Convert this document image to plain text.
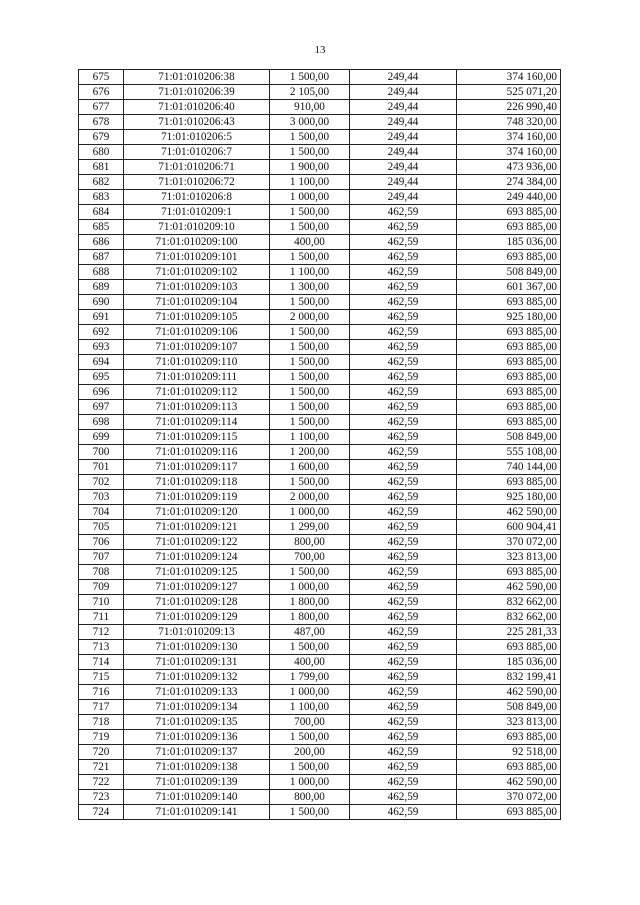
13
675	71:01:010206:38	1 500,00	249,44	374 160,00
676	71:01:010206:39	2 105,00	249,44	525 071,20
677	71:01:010206:40	910,00	249,44	226 990,40
678	71:01:010206:43	3 000,00	249,44	748 320,00
679	71:01:010206:5	1 500,00	249,44	374 160,00
680	71:01:010206:7	1 500,00	249,44	374 160,00
681	71:01:010206:71	1 900,00	249,44	473 936,00
682	71:01:010206:72	1 100,00	249,44	274 384,00
683	71:01:010206:8	1 000,00	249,44	249 440,00
684	71:01:010209:1	1 500,00	462,59	693 885,00
685	71:01:010209:10	1 500,00	462,59	693 885,00
686	71:01:010209:100	400,00	462,59	185 036,00
687	71:01:010209:101	1 500,00	462,59	693 885,00
688	71:01:010209:102	1 100,00	462,59	508 849,00
689	71:01:010209:103	1 300,00	462,59	601 367,00
690	71:01:010209:104	1 500,00	462,59	693 885,00
691	71:01:010209:105	2 000,00	462,59	925 180,00
692	71:01:010209:106	1 500,00	462,59	693 885,00
693	71:01:010209:107	1 500,00	462,59	693 885,00
694	71:01:010209:110	1 500,00	462,59	693 885,00
695	71:01:010209:111	1 500,00	462,59	693 885,00
696	71:01:010209:112	1 500,00	462,59	693 885,00
697	71:01:010209:113	1 500,00	462,59	693 885,00
698	71:01:010209:114	1 500,00	462,59	693 885,00
699	71:01:010209:115	1 100,00	462,59	508 849,00
700	71:01:010209:116	1 200,00	462,59	555 108,00
701	71:01:010209:117	1 600,00	462,59	740 144,00
702	71:01:010209:118	1 500,00	462,59	693 885,00
703	71:01:010209:119	2 000,00	462,59	925 180,00
704	71:01:010209:120	1 000,00	462,59	462 590,00
705	71:01:010209:121	1 299,00	462,59	600 904,41
706	71:01:010209:122	800,00	462,59	370 072,00
707	71:01:010209:124	700,00	462,59	323 813,00
708	71:01:010209:125	1 500,00	462,59	693 885,00
709	71:01:010209:127	1 000,00	462,59	462 590,00
710	71:01:010209:128	1 800,00	462,59	832 662,00
711	71:01:010209:129	1 800,00	462,59	832 662,00
712	71:01:010209:13	487,00	462,59	225 281,33
713	71:01:010209:130	1 500,00	462,59	693 885,00
714	71:01:010209:131	400,00	462,59	185 036,00
715	71:01:010209:132	1 799,00	462,59	832 199,41
716	71:01:010209:133	1 000,00	462,59	462 590,00
717	71:01:010209:134	1 100,00	462,59	508 849,00
718	71:01:010209:135	700,00	462,59	323 813,00
719	71:01:010209:136	1 500,00	462,59	693 885,00
720	71:01:010209:137	200,00	462,59	92 518,00
721	71:01:010209:138	1 500,00	462,59	693 885,00
722	71:01:010209:139	1 000,00	462,59	462 590,00
723	71:01:010209:140	800,00	462,59	370 072,00
724	71:01:010209:141	1 500,00	462,59	693 885,00
